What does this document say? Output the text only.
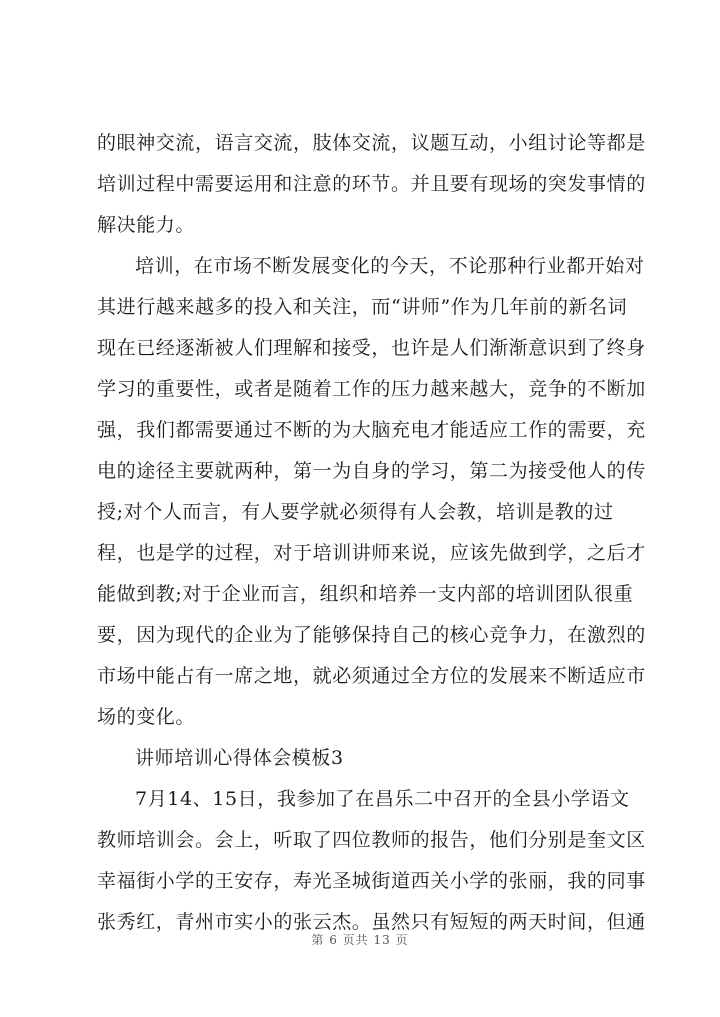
的眼神交流，语言交流，肢体交流，议题互动，小组讨论等都是
培训过程中需要运用和注意的环节。并且要有现场的突发事情的
解决能力。
培训，在市场不断发展变化的今天，不论那种行业都开始对
其进行越来越多的投入和关注，而“讲师”作为几年前的新名词
现在已经逐渐被人们理解和接受，也许是人们渐渐意识到了终身
学习的重要性，或者是随着工作的压力越来越大，竞争的不断加
强，我们都需要通过不断的为大脑充电才能适应工作的需要，充
电的途径主要就两种，第一为自身的学习，第二为接受他人的传
授;对个人而言，有人要学就必须得有人会教，培训是教的过
程，也是学的过程，对于培训讲师来说，应该先做到学，之后才
能做到教;对于企业而言，组织和培养一支内部的培训团队很重
要，因为现代的企业为了能够保持自己的核心竞争力，在激烈的
市场中能占有一席之地，就必须通过全方位的发展来不断适应市
场的变化。
讲师培训心得体会模板3
7月14、15日，我参加了在昌乐二中召开的全县小学语文
教师培训会。会上，听取了四位教师的报告，他们分别是奎文区
幸福街小学的王安存，寿光圣城街道西关小学的张丽，我的同事
张秀红，青州市实小的张云杰。虽然只有短短的两天时间，但通
第 6 页共 13 页
